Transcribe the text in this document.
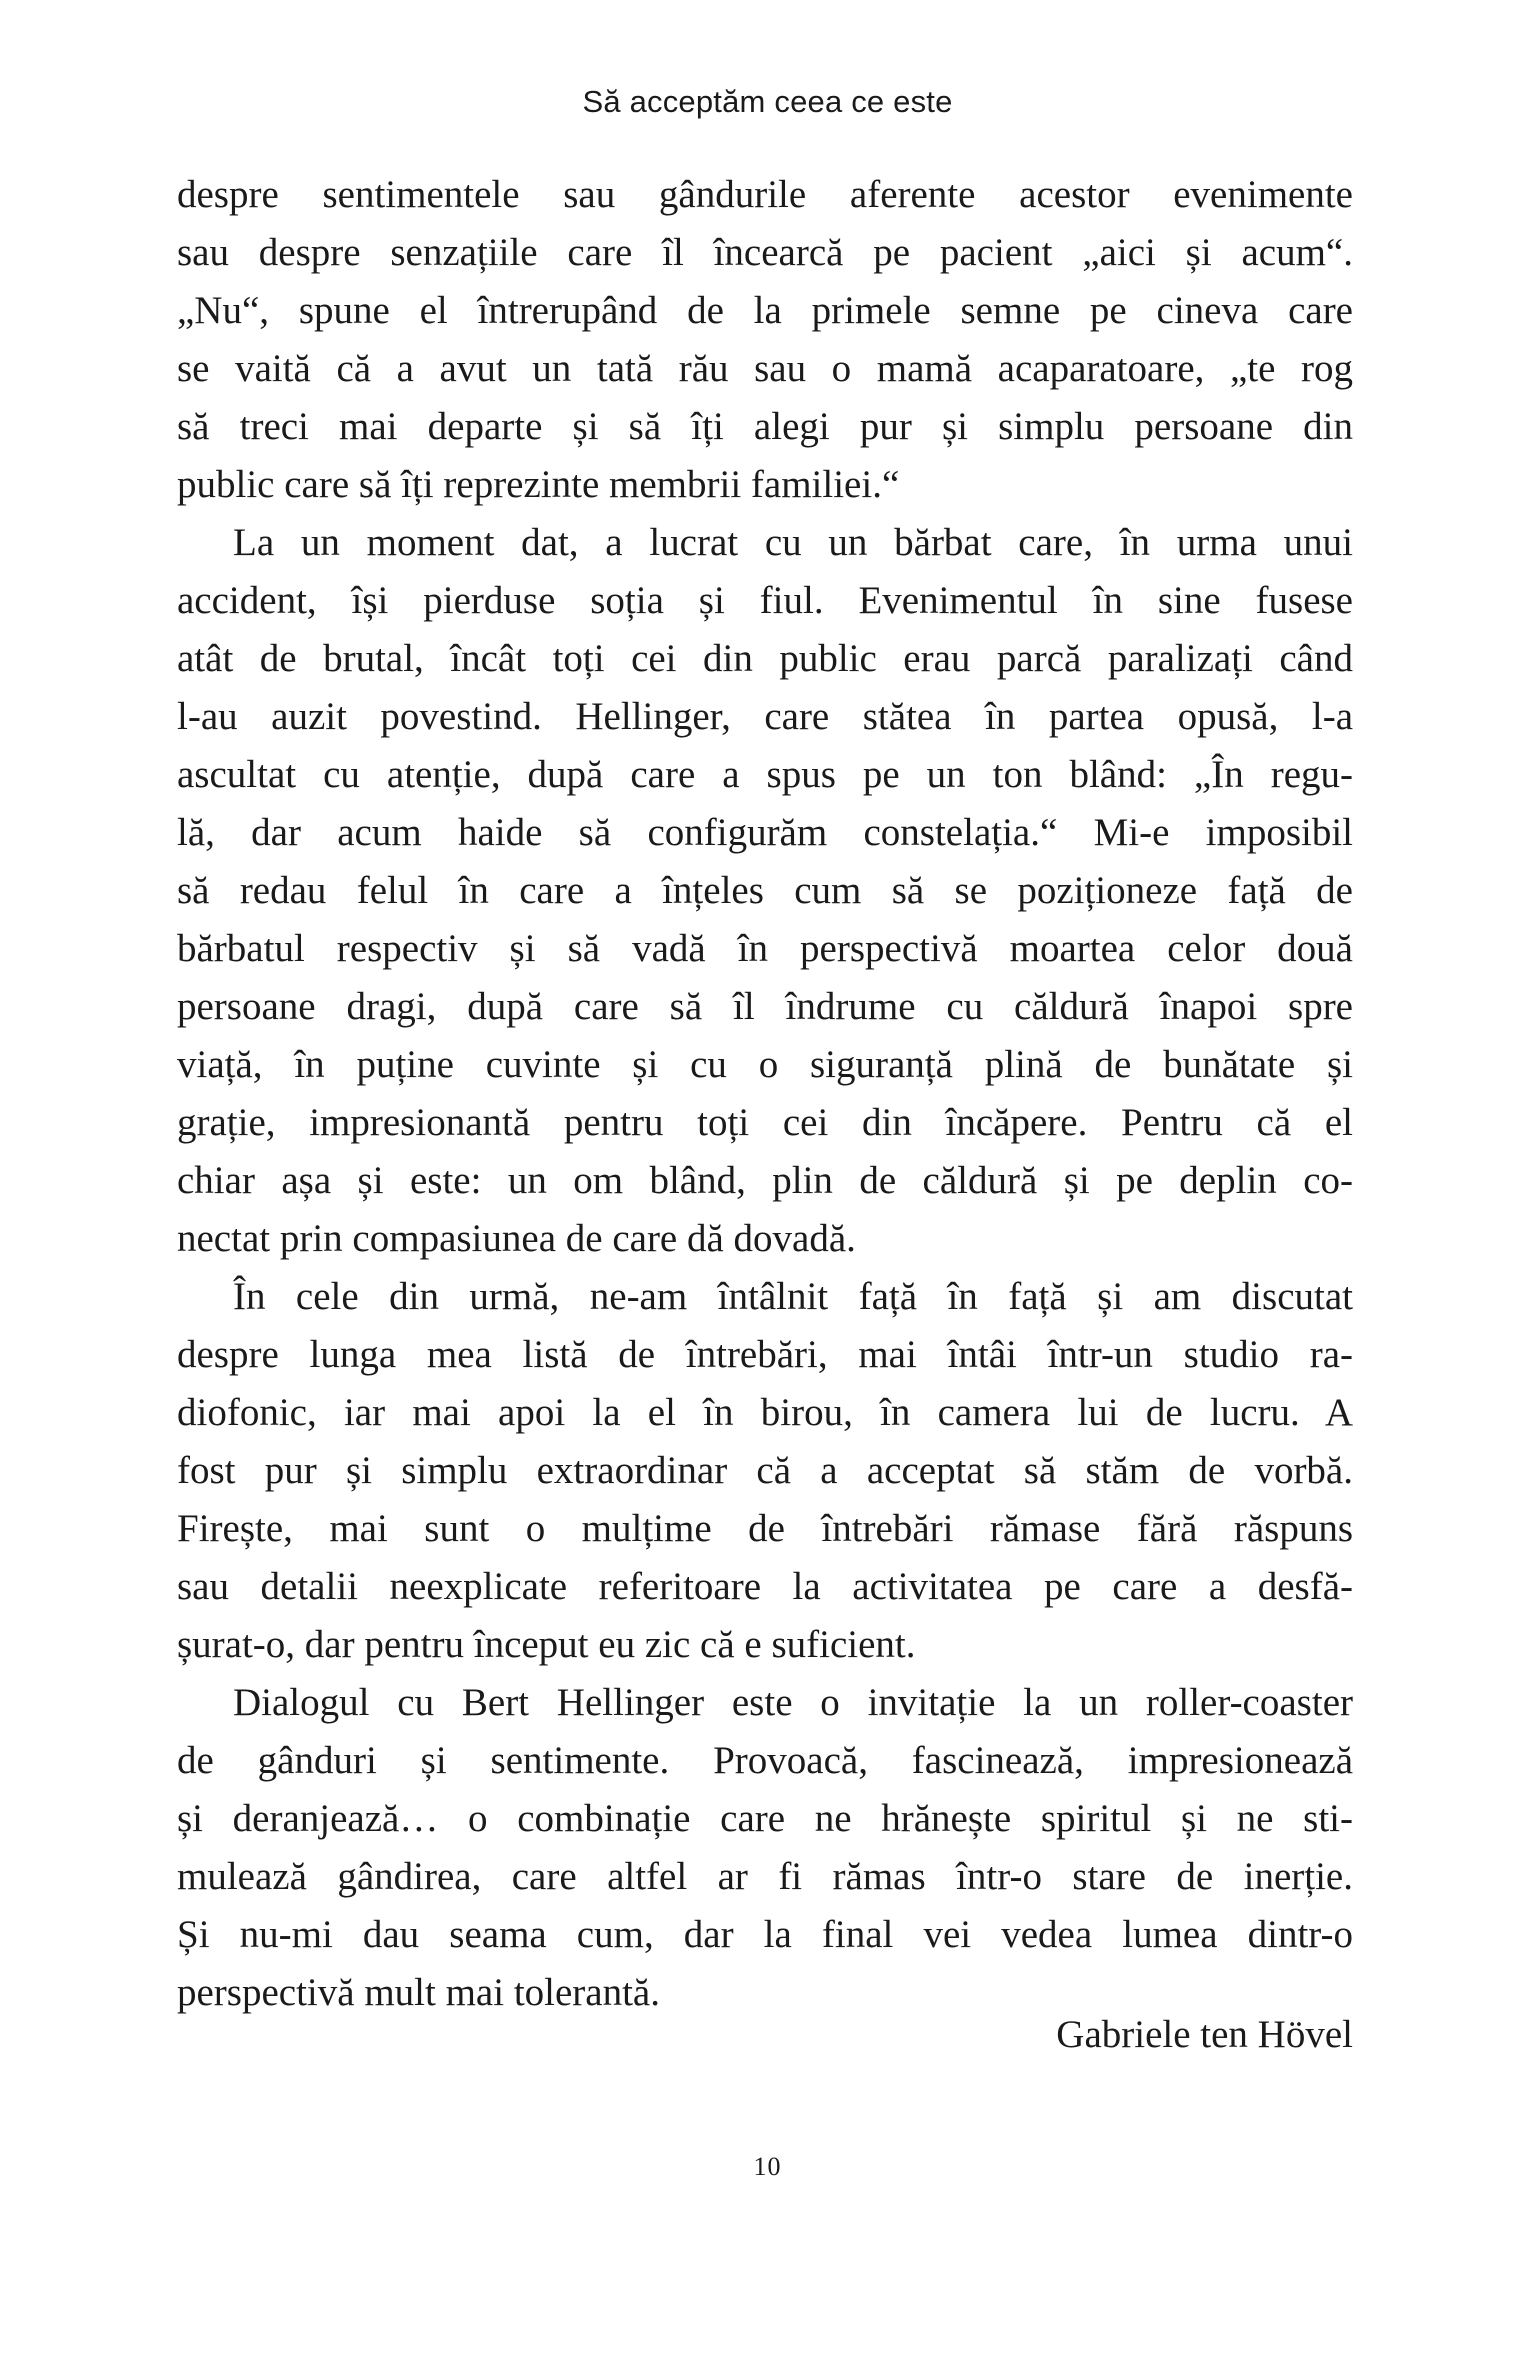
Să acceptăm ceea ce este
despre sentimentele sau gândurile aferente acestor evenimente
sau despre senzațiile care îl încearcă pe pacient „aici și acum“.
„Nu“, spune el întrerupând de la primele semne pe cineva care
se vaită că a avut un tată rău sau o mamă acaparatoare, „te rog
să treci mai departe și să îți alegi pur și simplu persoane din
public care să îți reprezinte membrii familiei.“
La un moment dat, a lucrat cu un bărbat care, în urma unui
accident, își pierduse soția și fiul. Evenimentul în sine fusese
atât de brutal, încât toți cei din public erau parcă paralizați când
l-au auzit povestind. Hellinger, care stătea în partea opusă, l-a
ascultat cu atenție, după care a spus pe un ton blând: „În regu-
lă, dar acum haide să configurăm constelația.“ Mi-e imposibil
să redau felul în care a înțeles cum să se poziționeze față de
bărbatul respectiv și să vadă în perspectivă moartea celor două
persoane dragi, după care să îl îndrume cu căldură înapoi spre
viață, în puține cuvinte și cu o siguranță plină de bunătate și
grație, impresionantă pentru toți cei din încăpere. Pentru că el
chiar așa și este: un om blând, plin de căldură și pe deplin co-
nectat prin compasiunea de care dă dovadă.
În cele din urmă, ne-am întâlnit față în față și am discutat
despre lunga mea listă de întrebări, mai întâi într-un studio ra-
diofonic, iar mai apoi la el în birou, în camera lui de lucru. A
fost pur și simplu extraordinar că a acceptat să stăm de vorbă.
Firește, mai sunt o mulțime de întrebări rămase fără răspuns
sau detalii neexplicate referitoare la activitatea pe care a desfă-
șurat-o, dar pentru început eu zic că e suficient.
Dialogul cu Bert Hellinger este o invitație la un roller-coaster
de gânduri și sentimente. Provoacă, fascinează, impresionează
și deranjează… o combinație care ne hrănește spiritul și ne sti-
mulează gândirea, care altfel ar fi rămas într-o stare de inerție.
Și nu-mi dau seama cum, dar la final vei vedea lumea dintr-o
perspectivă mult mai tolerantă.
Gabriele ten Hövel
10
